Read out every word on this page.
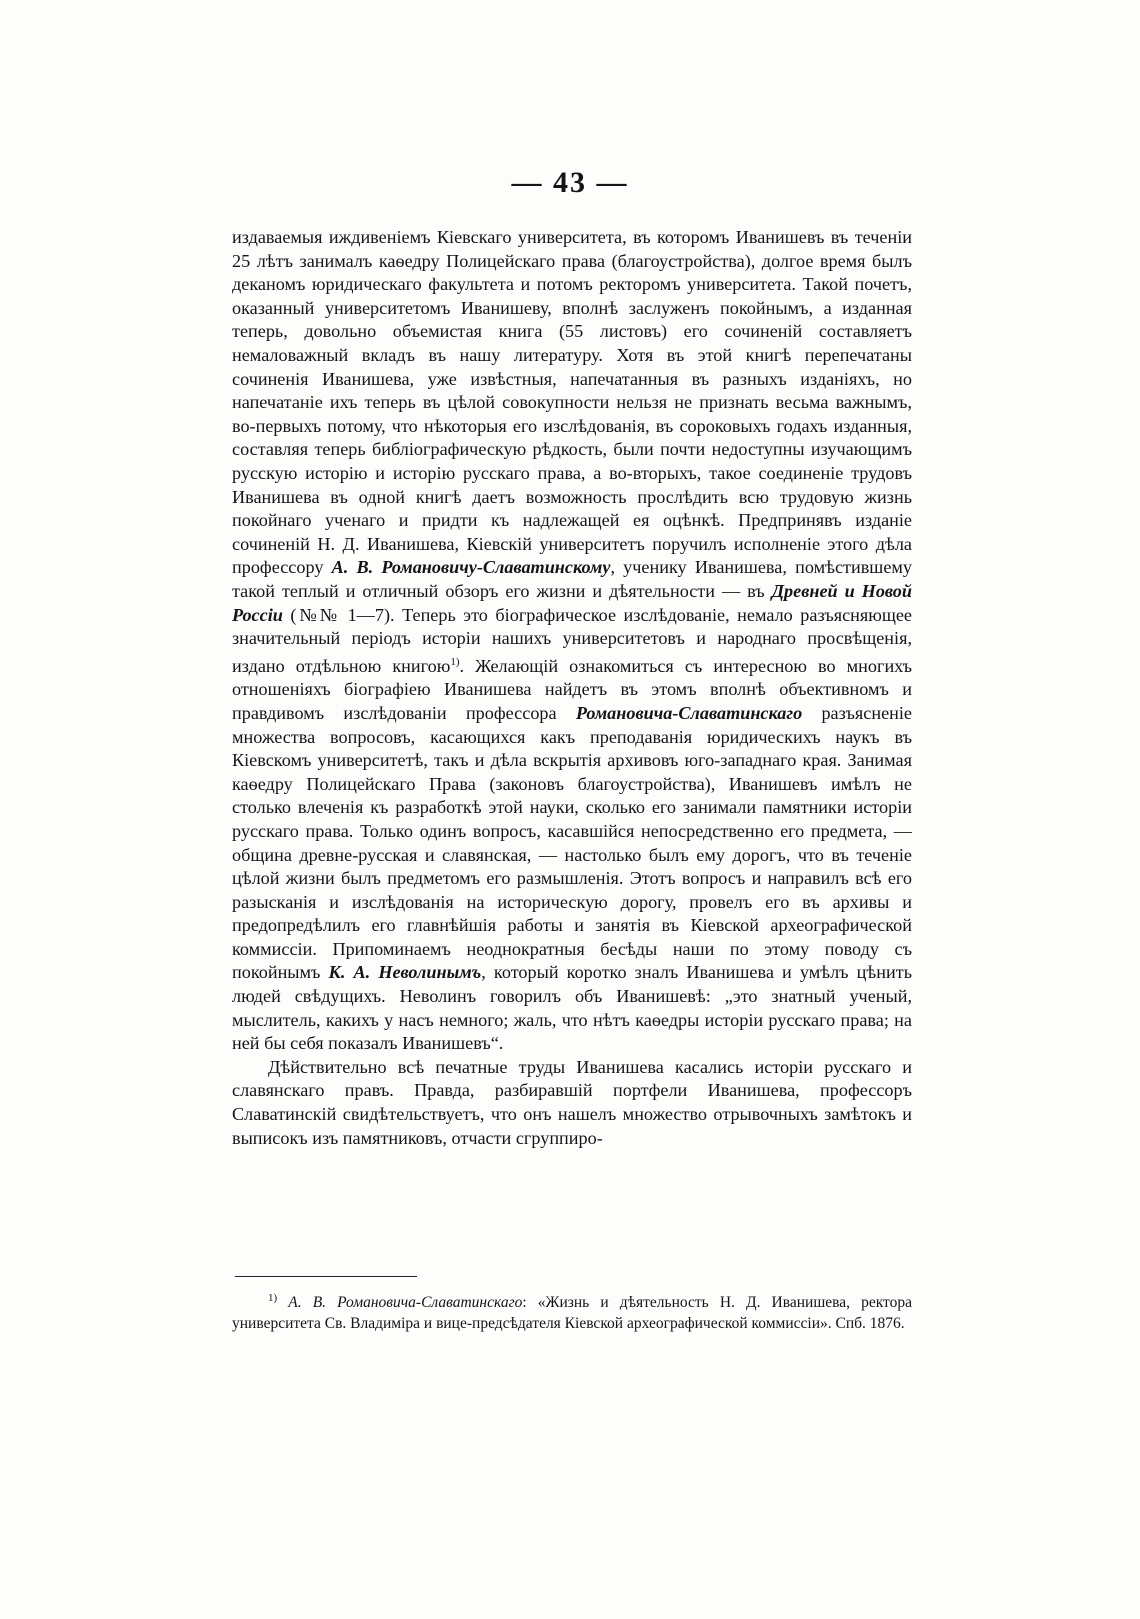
— 43 —

издаваемыя иждивеніемъ Кіевскаго университета, въ которомъ Иванишевъ въ теченіи 25 лѣтъ занималъ каѳедру Полицейскаго права (благоустройства), долгое время былъ деканомъ юридическаго факультета и потомъ ректоромъ университета. Такой почетъ, оказанный университетомъ Иванишеву, вполнѣ заслуженъ покойнымъ, а изданная теперь, довольно объемистая книга (55 листовъ) его сочиненій составляетъ немаловажный вкладъ въ нашу литературу. Хотя въ этой книгѣ перепечатаны сочиненія Иванишева, уже извѣстныя, напечатанныя въ разныхъ изданіяхъ, но напечатаніе ихъ теперь въ цѣлой совокупности нельзя не признать весьма важнымъ, во-первыхъ потому, что нѣкоторыя его изслѣдованія, въ сороковыхъ годахъ изданныя, составляя теперь библіографическую рѣдкость, были почти недоступны изучающимъ русскую исторію и исторію русскаго права, а во-вторыхъ, такое соединеніе трудовъ Иванишева въ одной книгѣ даетъ возможность прослѣдить всю трудовую жизнь покойнаго ученаго и придти къ надлежащей ея оцѣнкѣ. Предпринявъ изданіе сочиненій Н. Д. Иванишева, Кіевскій университетъ поручилъ исполненіе этого дѣла профессору А. В. Романовичу-Славатинскому, ученику Иванишева, помѣстившему такой теплый и отличный обзоръ его жизни и дѣятельности — въ Древней и Новой Россіи (№№ 1—7). Теперь это біографическое изслѣдованіе, немало разъясняющее значительный періодъ исторіи нашихъ университетовъ и народнаго просвѣщенія, издано отдѣльною книгою$^{1)}$. Желающій ознакомиться съ интересною во многихъ отношеніяхъ біографіею Иванишева найдетъ въ этомъ вполнѣ объективномъ и правдивомъ изслѣдованіи профессора Романовича-Славатинскаго разъясненіе множества вопросовъ, касающихся какъ преподаванія юридическихъ наукъ въ Кіевскомъ университетѣ, такъ и дѣла вскрытія архивовъ юго-западнаго края. Занимая каѳедру Полицейскаго Права (законовъ благоустройства), Иванишевъ имѣлъ не столько влеченія къ разработкѣ этой науки, сколько его занимали памятники исторіи русскаго права. Только одинъ вопросъ, касавшійся непосредственно его предмета, — община древне-русская и славянская, — настолько былъ ему дорогъ, что въ теченіе цѣлой жизни былъ предметомъ его размышленія. Этотъ вопросъ и направилъ всѣ его разысканія и изслѣдованія на историческую дорогу, провелъ его въ архивы и предопредѣлилъ его главнѣйшія работы и занятія въ Кіевской археографической коммиссіи. Припоминаемъ неоднократныя бесѣды наши по этому поводу съ покойнымъ К. А. Неволинымъ, который коротко зналъ Иванишева и умѣлъ цѣнить людей свѣдущихъ. Неволинъ говорилъ объ Иванишевѣ: „это знатный ученый, мыслитель, какихъ у насъ немного; жаль, что нѣтъ каѳедры исторіи русскаго права; на ней бы себя показалъ Иванишевъ“.

Дѣйствительно всѣ печатные труды Иванишева касались исторіи русскаго и славянскаго правъ. Правда, разбиравшій портфели Иванишева, профессоръ Славатинскій свидѣтельствуетъ, что онъ нашелъ множество отрывочныхъ замѣтокъ и выписокъ изъ памятниковъ, отчасти сгруппиро-

$^{1)}$ А. В. Романовича-Славатинскаго: «Жизнь и дѣятельность Н. Д. Иванишева, ректора университета Св. Владиміра и вице-предсѣдателя Кіевской археографической коммиссіи». Спб. 1876.
